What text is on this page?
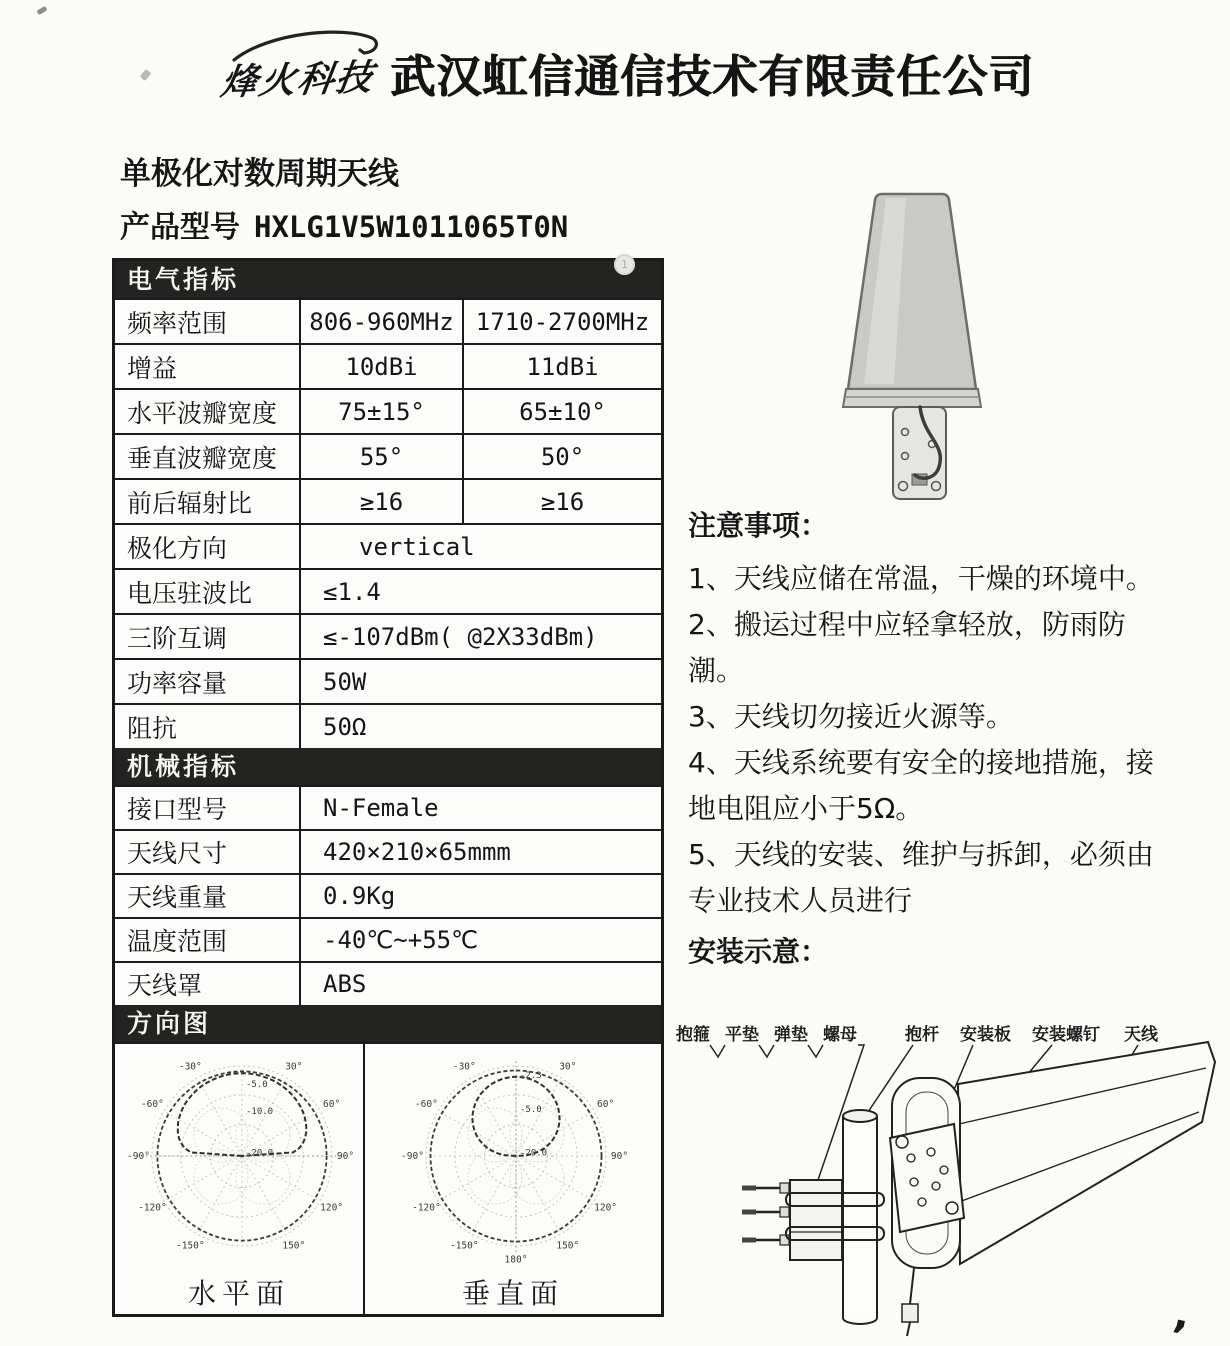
烽火科技 武汉虹信通信技术有限责任公司
单极化对数周期天线
产品型号 HXLG1V5W1011065T0N
电气指标
1
频率范围	806-960MHz 1710-2700MHz
增益	10dBi	11dBi
水平波瓣宽度	75±15°	65±10°
垂直波瓣宽度	55°	50°
前后辐射比	≥16	≥16
极化方向	vertical
电压驻波比	≤1.4
三阶互调	≤-107dBm( @2X33dBm)
功率容量	50W
阻抗	50Ω
机械指标
接口型号	N-Female
天线尺寸	420×210×65mmm
天线重量	0.9Kg
温度范围	-40℃~+55℃
天线罩	ABS
方向图
-30°	30°
-60°	60°
-90°	90°
-120°	120°
-150°	150°
-5.0
-10.0
-20.0
水平面
-30°	30°
-60°	60°
-90°	90°
-120°	120°
-150°	150°
180°
-2.3
-5.0
-20.0
垂直面
注意事项：
1、天线应储在常温，干燥的环境中。
2、搬运过程中应轻拿轻放，防雨防潮。
3、天线切勿接近火源等。
4、天线系统要有安全的接地措施，接地电阻应小于5Ω。
5、天线的安装、维护与拆卸，必须由专业技术人员进行
安装示意：
抱箍 平垫 弹垫 螺母	抱杆 安装板 安装螺钉 天线
,
